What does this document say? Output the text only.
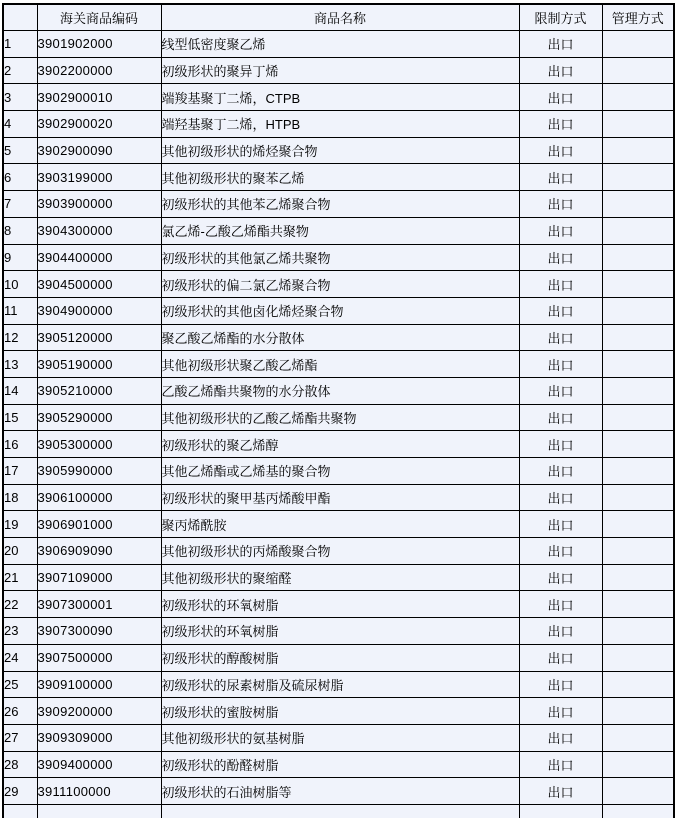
	海关商品编码	商品名称	限制方式	管理方式
1	3901902000	线型低密度聚乙烯	出口	
2	3902200000	初级形状的聚异丁烯	出口	
3	3902900010	端羧基聚丁二烯，CTPB	出口	
4	3902900020	端羟基聚丁二烯，HTPB	出口	
5	3902900090	其他初级形状的烯烃聚合物	出口	
6	3903199000	其他初级形状的聚苯乙烯	出口	
7	3903900000	初级形状的其他苯乙烯聚合物	出口	
8	3904300000	氯乙烯-乙酸乙烯酯共聚物	出口	
9	3904400000	初级形状的其他氯乙烯共聚物	出口	
10	3904500000	初级形状的偏二氯乙烯聚合物	出口	
11	3904900000	初级形状的其他卤化烯烃聚合物	出口	
12	3905120000	聚乙酸乙烯酯的水分散体	出口	
13	3905190000	其他初级形状聚乙酸乙烯酯	出口	
14	3905210000	乙酸乙烯酯共聚物的水分散体	出口	
15	3905290000	其他初级形状的乙酸乙烯酯共聚物	出口	
16	3905300000	初级形状的聚乙烯醇	出口	
17	3905990000	其他乙烯酯或乙烯基的聚合物	出口	
18	3906100000	初级形状的聚甲基丙烯酸甲酯	出口	
19	3906901000	聚丙烯酰胺	出口	
20	3906909090	其他初级形状的丙烯酸聚合物	出口	
21	3907109000	其他初级形状的聚缩醛	出口	
22	3907300001	初级形状的环氧树脂	出口	
23	3907300090	初级形状的环氧树脂	出口	
24	3907500000	初级形状的醇酸树脂	出口	
25	3909100000	初级形状的尿素树脂及硫尿树脂	出口	
26	3909200000	初级形状的蜜胺树脂	出口	
27	3909309000	其他初级形状的氨基树脂	出口	
28	3909400000	初级形状的酚醛树脂	出口	
29	3911100000	初级形状的石油树脂等	出口	
